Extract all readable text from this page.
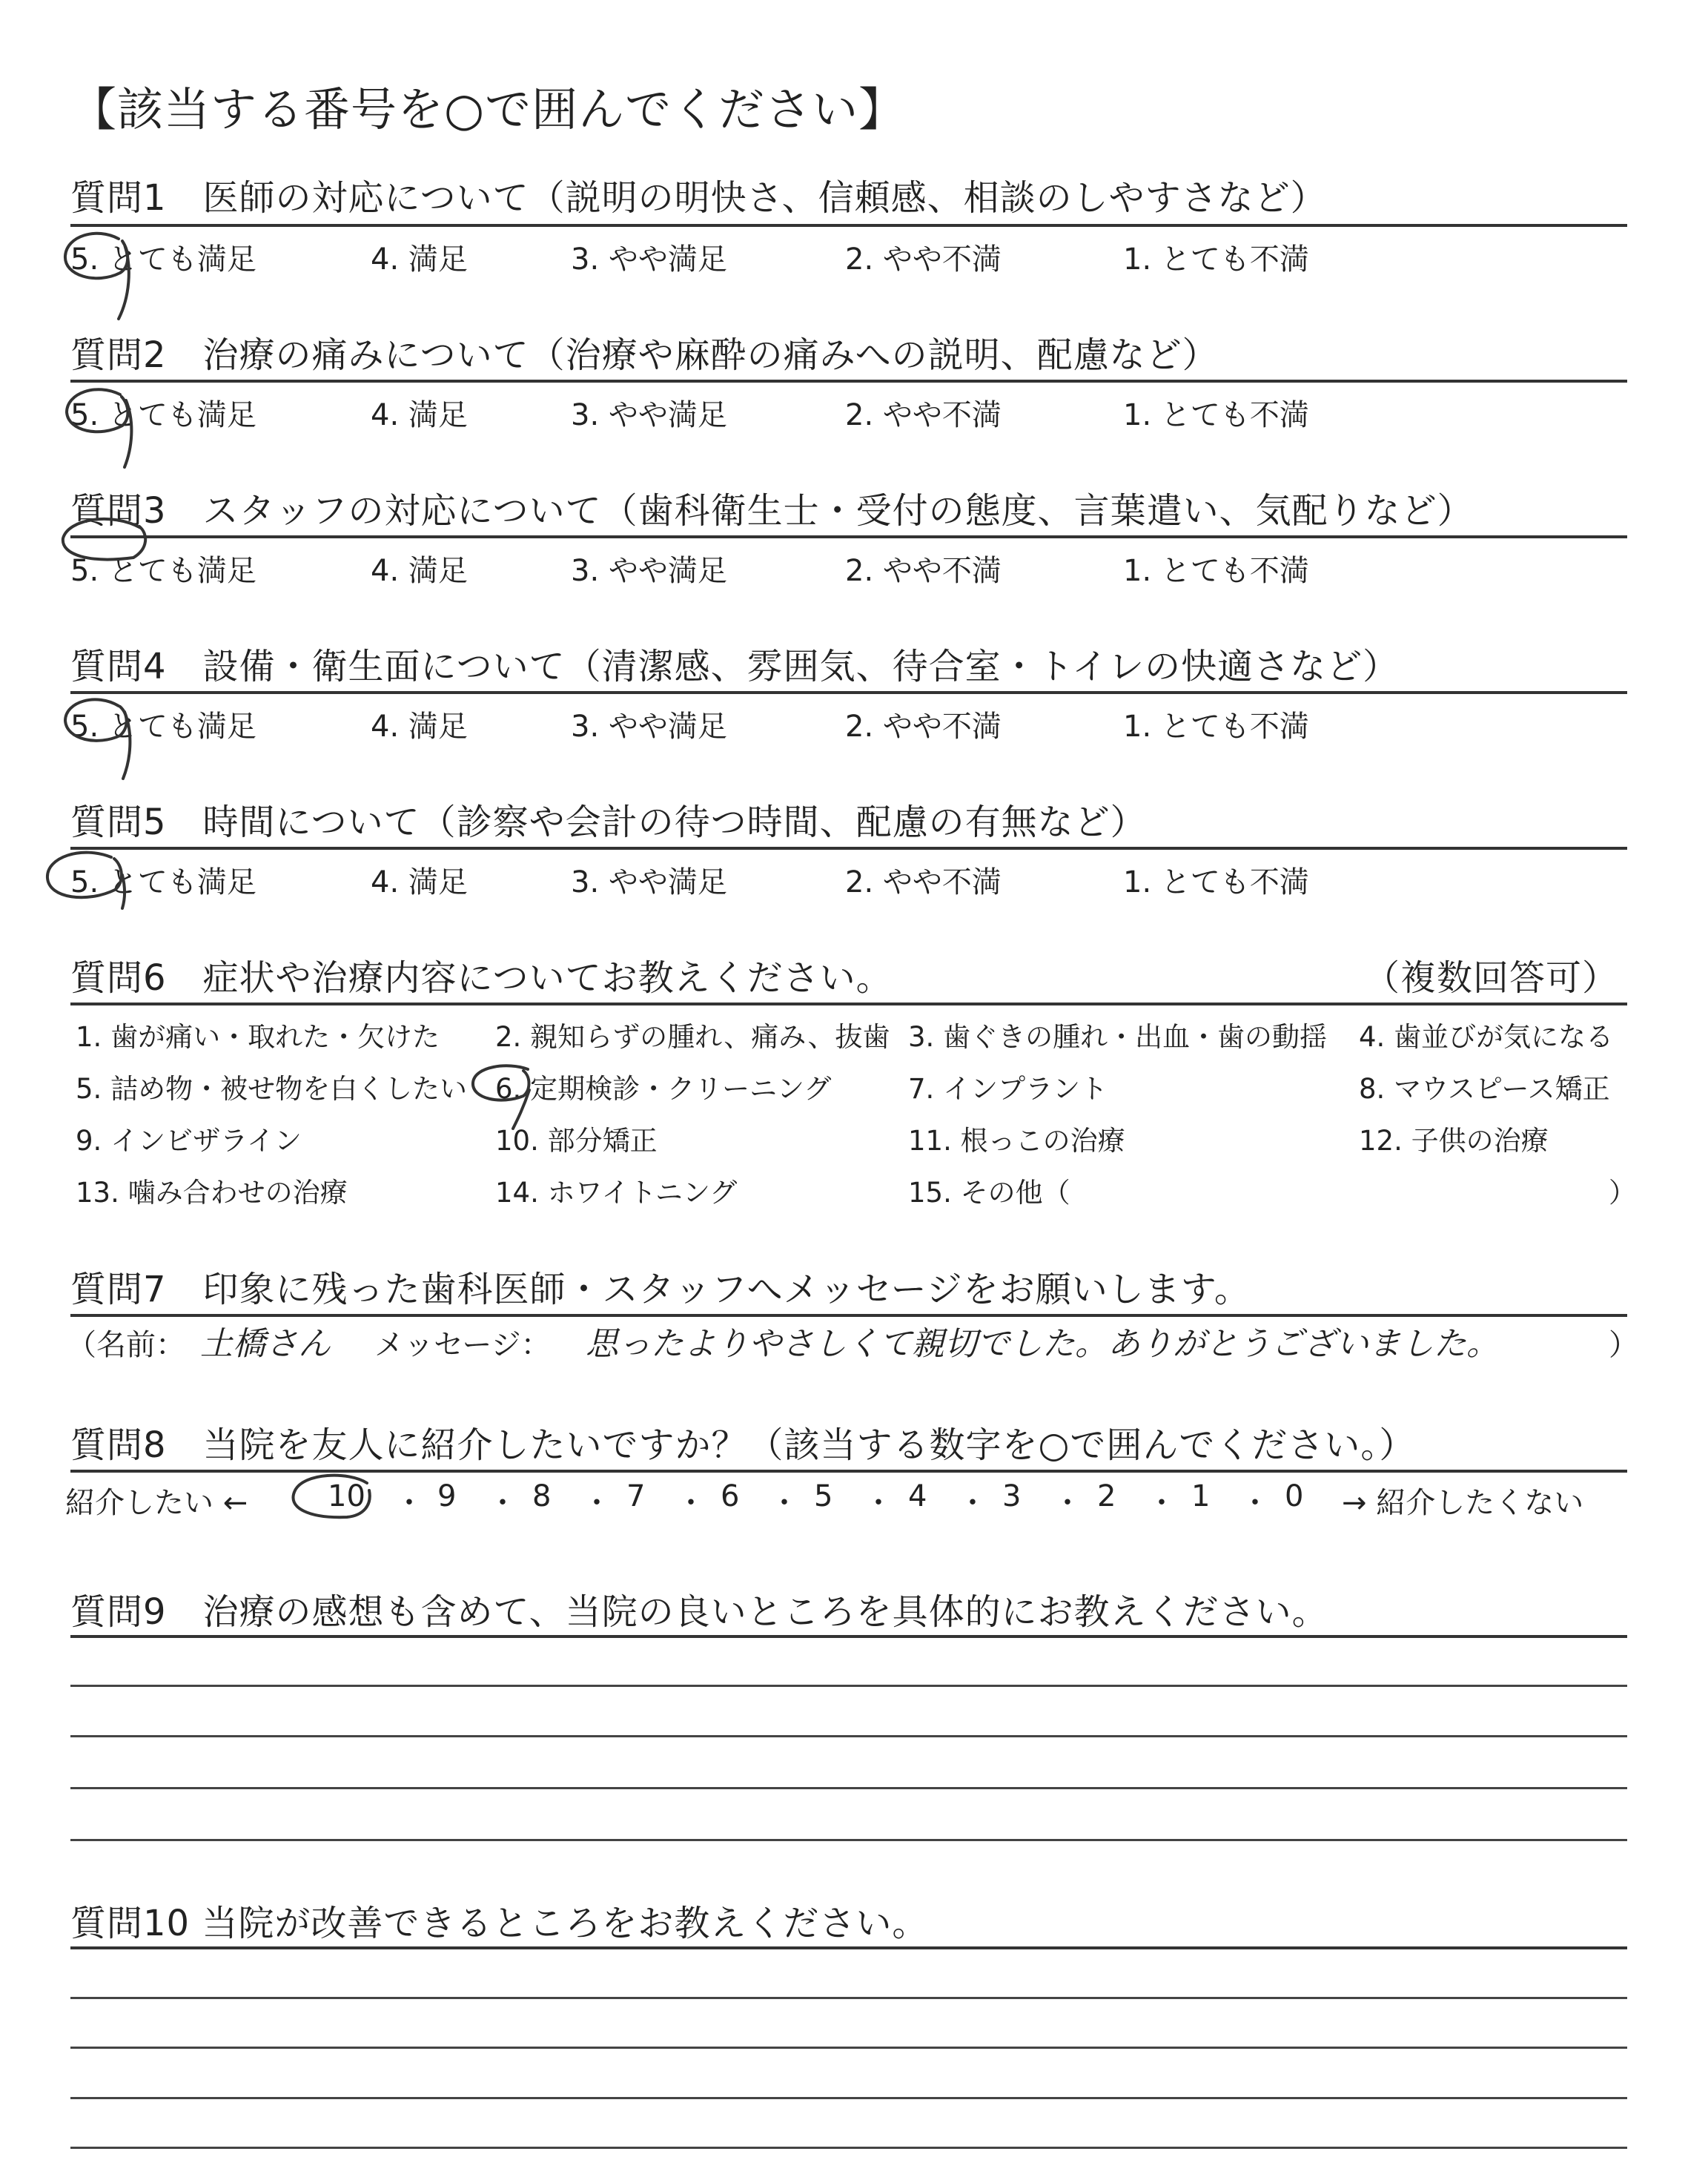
【該当する番号を○で囲んでください】
質問1　医師の対応について（説明の明快さ、信頼感、相談のしやすさなど）
5. とても満足	4. 満足	3. やや満足	2. やや不満	1. とても不満
質問2　治療の痛みについて（治療や麻酔の痛みへの説明、配慮など）
5. とても満足	4. 満足	3. やや満足	2. やや不満	1. とても不満
質問3　スタッフの対応について（歯科衛生士・受付の態度、言葉遣い、気配りなど）
5. とても満足	4. 満足	3. やや満足	2. やや不満	1. とても不満
質問4　設備・衛生面について（清潔感、雰囲気、待合室・トイレの快適さなど）
5. とても満足	4. 満足	3. やや満足	2. やや不満	1. とても不満
質問5　時間について（診察や会計の待つ時間、配慮の有無など）
5. とても満足	4. 満足	3. やや満足	2. やや不満	1. とても不満
質問6　症状や治療内容についてお教えください。	（複数回答可）
1. 歯が痛い・取れた・欠けた 2. 親知らずの腫れ、痛み、抜歯 3. 歯ぐきの腫れ・出血・歯の動揺 4. 歯並びが気になる
5. 詰め物・被せ物を白くしたい 6. 定期検診・クリーニング	7. インプラント	8. マウスピース矯正
9. インビザライン	10. 部分矯正	11. 根っこの治療	12. 子供の治療
13. 噛み合わせの治療	14. ホワイトニング	15. その他（	）
質問7　印象に残った歯科医師・スタッフへメッセージをお願いします。
（名前： 土橋さん メッセージ： 思ったよりやさしくて親切でした。ありがとうございました。	）
質問8　当院を友人に紹介したいですか？（該当する数字を○で囲んでください。）
紹介したい ←	10 9	8	7	6	5	4	3	2	1	0
・ ・ ・ ・ ・ ・ ・ ・ ・ ・ → 紹介したくない
質問9　治療の感想も含めて、当院の良いところを具体的にお教えください。
質問10 当院が改善できるところをお教えください。
